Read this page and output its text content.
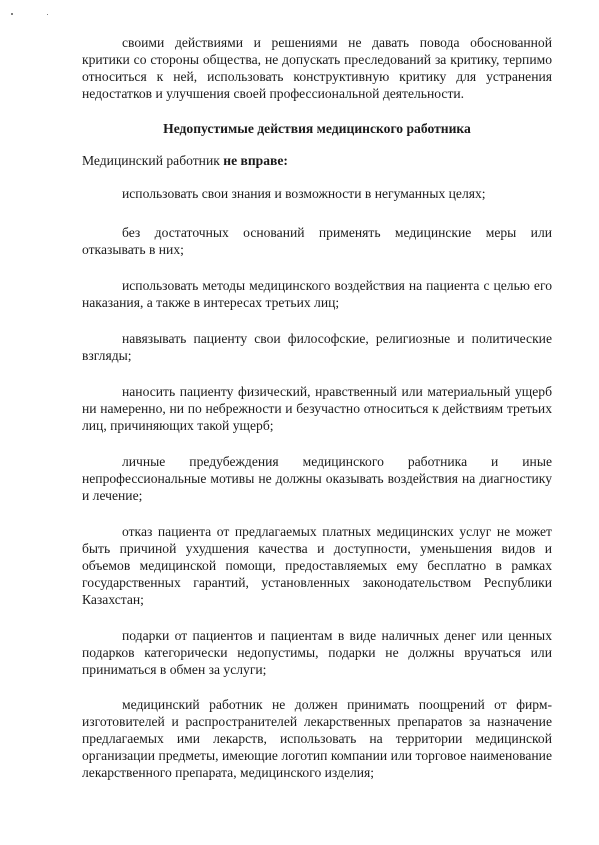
своими действиями и решениями не давать повода обоснованной критики со стороны общества, не допускать преследований за критику, терпимо относиться к ней, использовать конструктивную критику для устранения недостатков и улучшения своей профессиональной деятельности.

Недопустимые действия медицинского работника

Медицинский работник не вправе:

использовать свои знания и возможности в негуманных целях;

без достаточных оснований применять медицинские меры или отказывать в них;

использовать методы медицинского воздействия на пациента с целью его наказания, а также в интересах третьих лиц;

навязывать пациенту свои философские, религиозные и политические взгляды;

наносить пациенту физический, нравственный или материальный ущерб ни намеренно, ни по небрежности и безучастно относиться к действиям третьих лиц, причиняющих такой ущерб;

личные предубеждения медицинского работника и иные непрофессиональные мотивы не должны оказывать воздействия на диагностику и лечение;

отказ пациента от предлагаемых платных медицинских услуг не может быть причиной ухудшения качества и доступности, уменьшения видов и объемов медицинской помощи, предоставляемых ему бесплатно в рамках государственных гарантий, установленных законодательством Республики Казахстан;

подарки от пациентов и пациентам в виде наличных денег или ценных подарков категорически недопустимы, подарки не должны вручаться или приниматься в обмен за услуги;

медицинский работник не должен принимать поощрений от фирм-изготовителей и распространителей лекарственных препаратов за назначение предлагаемых ими лекарств, использовать на территории медицинской организации предметы, имеющие логотип компании или торговое наименование лекарственного препарата, медицинского изделия;
